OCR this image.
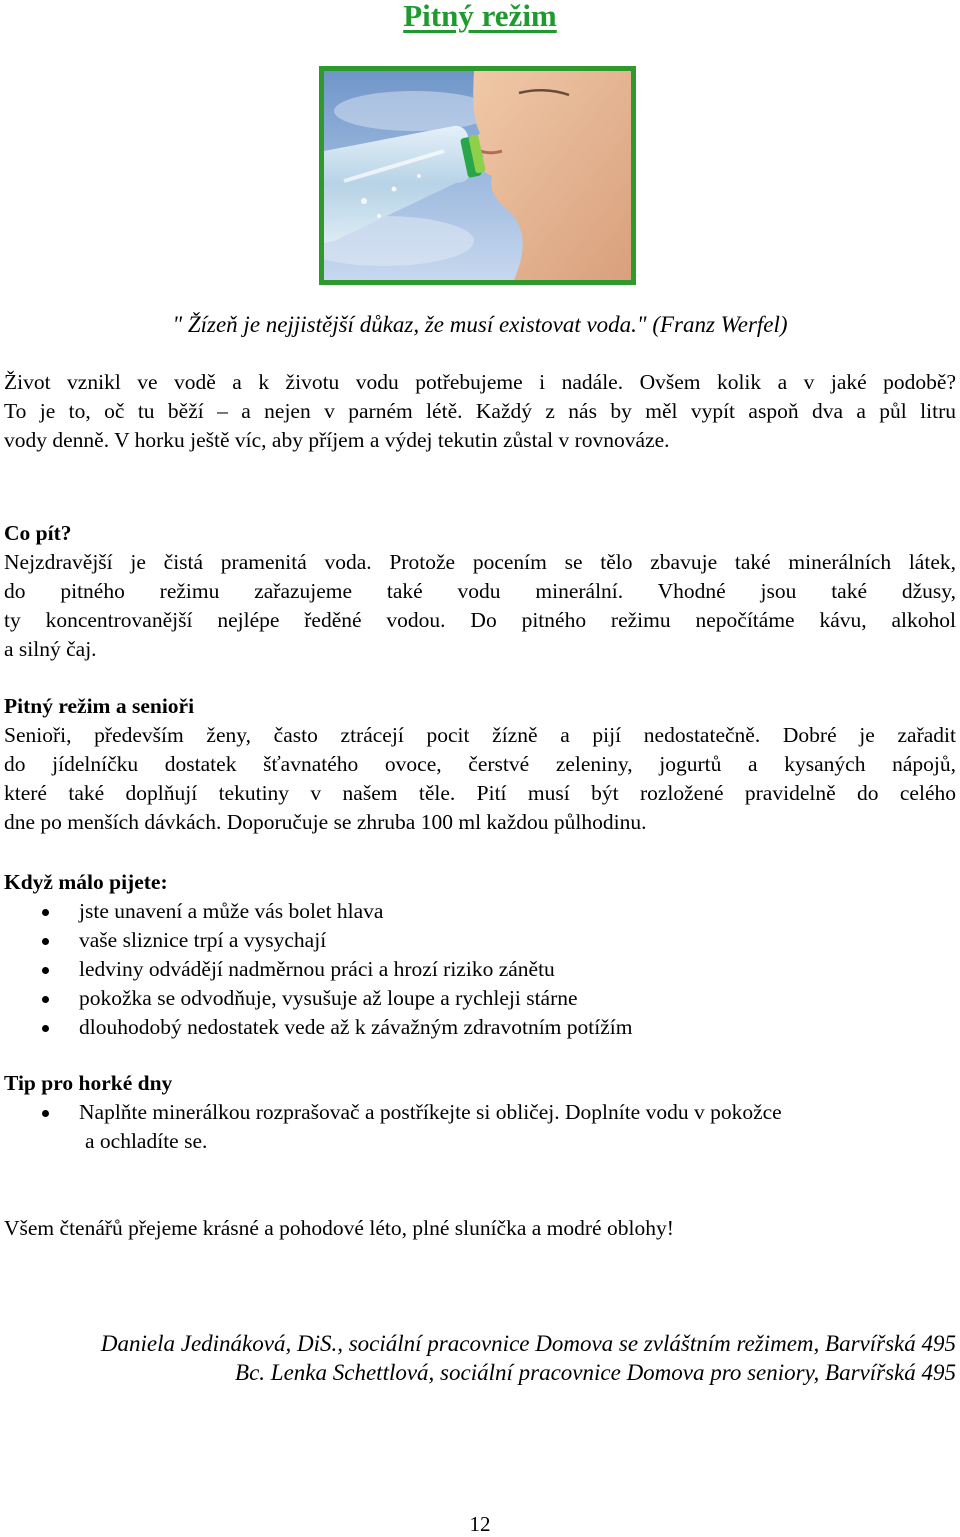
Pitný režim
" Žízeň je nejjistější důkaz, že musí existovat voda." (Franz Werfel)

Život vznikl ve vodě a k životu vodu potřebujeme i nadále. Ovšem kolik a v jaké podobě?

To je to, oč tu běží – a nejen v parném létě. Každý z nás by měl vypít aspoň dva a půl litru

vody denně. V horku ještě víc, aby příjem a výdej tekutin zůstal v rovnováze.

Co pít?

Nejzdravější je čistá pramenitá voda. Protože pocením se tělo zbavuje také minerálních látek,

do pitného režimu zařazujeme také vodu minerální. Vhodné jsou také džusy,

ty koncentrovanější nejlépe ředěné vodou. Do pitného režimu nepočítáme kávu, alkohol

a silný čaj.

Pitný režim a senioři

Senioři, především ženy, často ztrácejí pocit žízně a pijí nedostatečně. Dobré je zařadit

do jídelníčku dostatek šťavnatého ovoce, čerstvé zeleniny, jogurtů a kysaných nápojů,

které také doplňují tekutiny v našem těle. Pití musí být rozložené pravidelně do celého

dne po menších dávkách. Doporučuje se zhruba 100 ml každou půlhodinu.

Když málo pijete:

jste unavení a může vás bolet hlava
vaše sliznice trpí a vysychají
ledviny odvádějí nadměrnou práci a hrozí riziko zánětu
pokožka se odvodňuje, vysušuje až loupe a rychleji stárne
dlouhodobý nedostatek vede až k závažným zdravotním potížím

Tip pro horké dny

Naplňte minerálkou rozprašovač a postříkejte si obličej. Doplníte vodu v pokožce
a ochladíte se.
Všem čtenářů přejeme krásné a pohodové léto, plné sluníčka a modré oblohy!
Daniela Jedináková, DiS., sociální pracovnice Domova se zvláštním režimem, Barvířská 495
Bc. Lenka Schettlová, sociální pracovnice Domova pro seniory, Barvířská 495
12
